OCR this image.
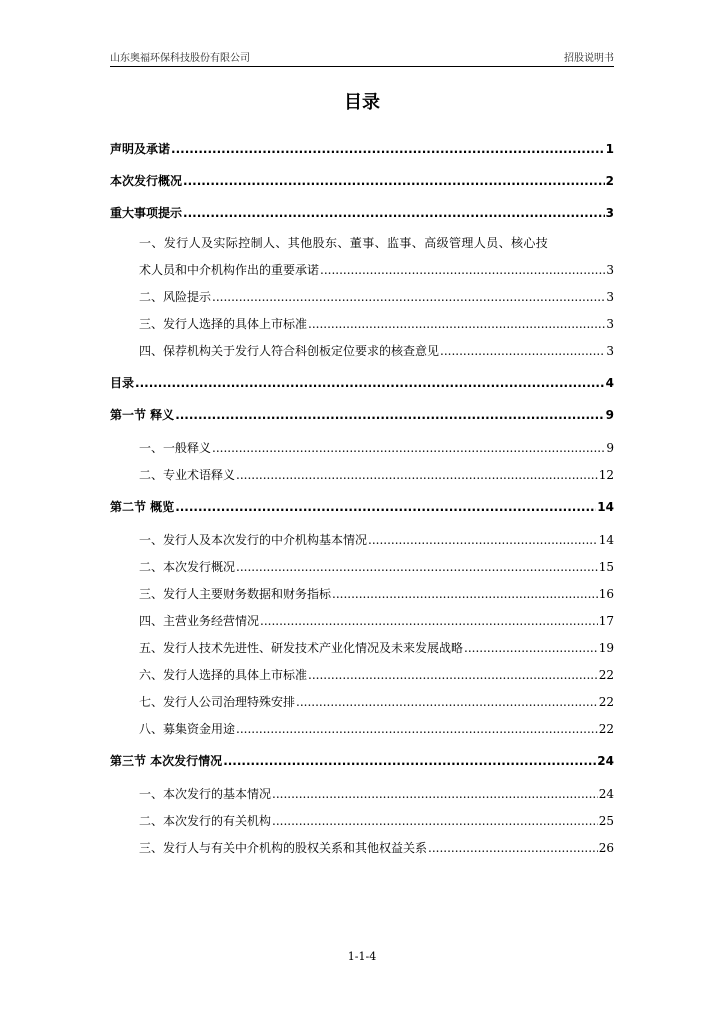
山东奥福环保科技股份有限公司	招股说明书
目录
声明及承诺 .....	1
本次发行概况 .....	2
重大事项提示 .....	3
一、发行人及实际控制人、其他股东、董事、监事、高级管理人员、核心技
术人员和中介机构作出的重要承诺 .....	3
二、风险提示 .....	3
三、发行人选择的具体上市标准 .....	3
四、保荐机构关于发行人符合科创板定位要求的核查意见 .....	3
目录 .....	4
第一节 释义 .....	9
一、一般释义 .....	9
二、专业术语释义 .....	12
第二节 概览 .....	14
一、发行人及本次发行的中介机构基本情况 .....	14
二、本次发行概况 .....	15
三、发行人主要财务数据和财务指标 .....	16
四、主营业务经营情况 .....	17
五、发行人技术先进性、研发技术产业化情况及未来发展战略 .....	19
六、发行人选择的具体上市标准 .....	22
七、发行人公司治理特殊安排 .....	22
八、募集资金用途 .....	22
第三节 本次发行情况 .....	24
一、本次发行的基本情况 .....	24
二、本次发行的有关机构 .....	25
三、发行人与有关中介机构的股权关系和其他权益关系 .....	26
1-1-4
